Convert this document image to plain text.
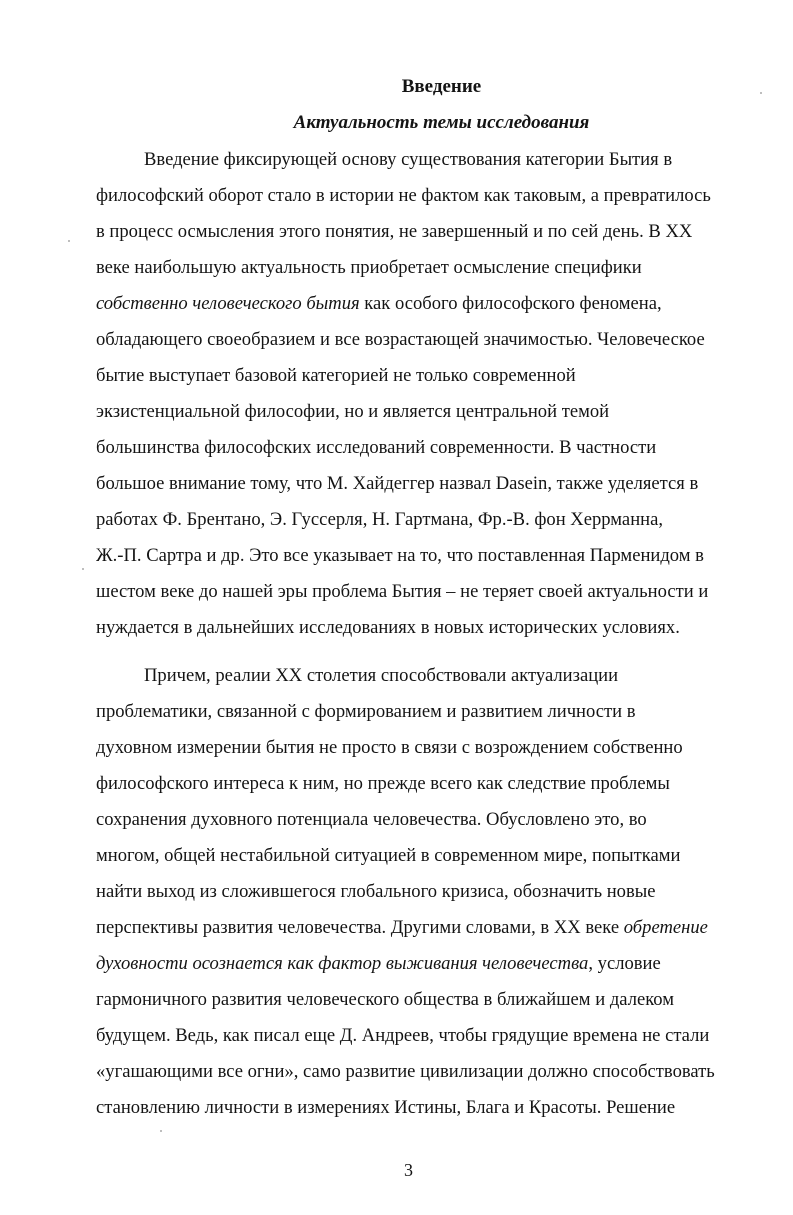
Введение
Актуальность темы исследования
Введение фиксирующей основу существования категории Бытия в
философский оборот стало в истории не фактом как таковым, а превратилось
в процесс осмысления этого понятия, не завершенный и по сей день. В XX
веке наибольшую актуальность приобретает осмысление специфики
собственно человеческого бытия как особого философского феномена,
обладающего своеобразием и все возрастающей значимостью. Человеческое
бытие выступает базовой категорией не только современной
экзистенциальной философии, но и является центральной темой
большинства философских исследований современности. В частности
большое внимание тому, что М. Хайдеггер назвал Dasein, также уделяется в
работах Ф. Брентано, Э. Гуссерля, Н. Гартмана, Фр.-В. фон Херрманна,
Ж.-П. Сартра и др. Это все указывает на то, что поставленная Парменидом в
шестом веке до нашей эры проблема Бытия – не теряет своей актуальности и
нуждается в дальнейших исследованиях в новых исторических условиях.
Причем, реалии XX столетия способствовали актуализации
проблематики, связанной с формированием и развитием личности в
духовном измерении бытия не просто в связи с возрождением собственно
философского интереса к ним, но прежде всего как следствие проблемы
сохранения духовного потенциала человечества. Обусловлено это, во
многом, общей нестабильной ситуацией в современном мире, попытками
найти выход из сложившегося глобального кризиса, обозначить новые
перспективы развития человечества. Другими словами, в XX веке обретение
духовности осознается как фактор выживания человечества, условие
гармоничного развития человеческого общества в ближайшем и далеком
будущем. Ведь, как писал еще Д. Андреев, чтобы грядущие времена не стали
«угашающими все огни», само развитие цивилизации должно способствовать
становлению личности в измерениях Истины, Блага и Красоты. Решение
3
